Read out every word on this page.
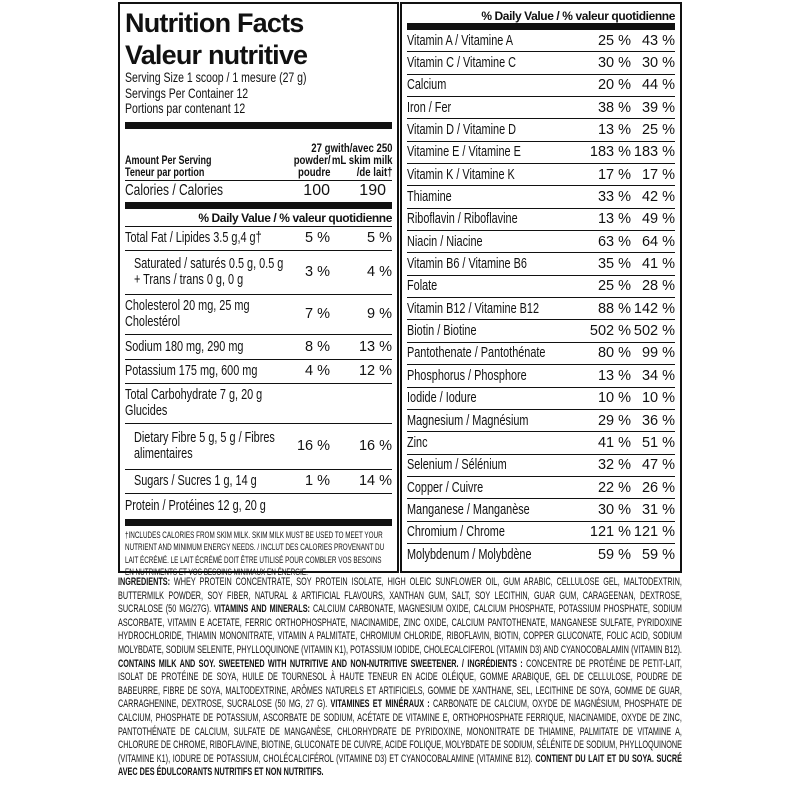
Nutrition Facts
Valeur nutritive
Serving Size 1 scoop / 1 mesure (27 g)
Servings Per Container 12
Portions par contenant 12
Amount Per Serving
Teneur par portion
27 g powder/ poudre
with/avec 250 mL skim milk /de lait†
Calories / Calories	100	190
% Daily Value / % valeur quotidienne
Total Fat / Lipides 3.5 g,4 g†	5 %	5 %
Saturated / saturés 0.5 g, 0.5 g + Trans / trans 0 g, 0 g	3 %	4 %
Cholesterol 20 mg, 25 mg Cholestérol	7 %	9 %
Sodium 180 mg, 290 mg	8 %	13 %
Potassium 175 mg, 600 mg	4 %	12 %
Total Carbohydrate 7 g, 20 g Glucides
Dietary Fibre 5 g, 5 g / Fibres alimentaires	16 %	16 %
Sugars / Sucres 1 g, 14 g	1 %	14 %
Protein / Protéines 12 g, 20 g
†INCLUDES CALORIES FROM SKIM MILK. SKIM MILK MUST BE USED TO MEET YOUR NUTRIENT AND MINIMUM ENERGY NEEDS. / INCLUT DES CALORIES PROVENANT DU LAIT ÉCRÉMÉ. LE LAIT ÉCRÉMÉ DOIT ÊTRE UTILISÉ POUR COMBLER VOS BESOINS EN NUTRIMENTS ET VOS BESOINS MINIMAUX EN ÉNERGIE.
% Daily Value / % valeur quotidienne
Vitamin A / Vitamine A	25 % 43 %
Vitamin C / Vitamine C	30 % 30 %
Calcium	20 % 44 %
Iron / Fer	38 % 39 %
Vitamin D / Vitamine D	13 % 25 %
Vitamine E / Vitamine E	183 % 183 %
Vitamin K / Vitamine K	17 % 17 %
Thiamine	33 % 42 %
Riboflavin / Riboflavine	13 % 49 %
Niacin / Niacine	63 % 64 %
Vitamin B6 / Vitamine B6	35 % 41 %
Folate	25 % 28 %
Vitamin B12 / Vitamine B12	88 % 142 %
Biotin / Biotine	502 % 502 %
Pantothenate / Pantothénate	80 % 99 %
Phosphorus / Phosphore	13 % 34 %
Iodide / Iodure	10 % 10 %
Magnesium / Magnésium	29 % 36 %
Zinc	41 % 51 %
Selenium / Sélénium	32 % 47 %
Copper / Cuivre	22 % 26 %
Manganese / Manganèse	30 % 31 %
Chromium / Chrome	121 % 121 %
Molybdenum / Molybdène	59 % 59 %
INGREDIENTS: WHEY PROTEIN CONCENTRATE, SOY PROTEIN ISOLATE, HIGH OLEIC SUNFLOWER OIL, GUM ARABIC, CELLULOSE GEL, MALTODEXTRIN, BUTTERMILK POWDER, SOY FIBER, NATURAL & ARTIFICIAL FLAVOURS, XANTHAN GUM, SALT, SOY LECITHIN, GUAR GUM, CARAGEENAN, DEXTROSE, SUCRALOSE (50 MG/27G). VITAMINS AND MINERALS: CALCIUM CARBONATE, MAGNESIUM OXIDE, CALCIUM PHOSPHATE, POTASSIUM PHOSPHATE, SODIUM ASCORBATE, VITAMIN E ACETATE, FERRIC ORTHOPHOSPHATE, NIACINAMIDE, ZINC OXIDE, CALCIUM PANTOTHENATE, MANGANESE SULFATE, PYRIDOXINE HYDROCHLORIDE, THIAMIN MONONITRATE, VITAMIN A PALMITATE, CHROMIUM CHLORIDE, RIBOFLAVIN, BIOTIN, COPPER GLUCONATE, FOLIC ACID, SODIUM MOLYBDATE, SODIUM SELENITE, PHYLLOQUINONE (VITAMIN K1), POTASSIUM IODIDE, CHOLECALCIFEROL (VITAMIN D3) AND CYANOCOBALAMIN (VITAMIN B12). CONTAINS MILK AND SOY. SWEETENED WITH NUTRITIVE AND NON-NUTRITIVE SWEETENER. / INGRÉDIENTS : CONCENTRE DE PROTÉINE DE PETIT-LAIT, ISOLAT DE PROTÉINE DE SOYA, HUILE DE TOURNESOL À HAUTE TENEUR EN ACIDE OLÉIQUE, GOMME ARABIQUE, GEL DE CELLULOSE, POUDRE DE BABEURRE, FIBRE DE SOYA, MALTODEXTRINE, ARÔMES NATURELS ET ARTIFICIELS, GOMME DE XANTHANE, SEL, LECITHINE DE SOYA, GOMME DE GUAR, CARRAGHENINE, DEXTROSE, SUCRALOSE (50 MG, 27 G). VITAMINES ET MINÉRAUX : CARBONATE DE CALCIUM, OXYDE DE MAGNÉSIUM, PHOSPHATE DE CALCIUM, PHOSPHATE DE POTASSIUM, ASCORBATE DE SODIUM, ACÉTATE DE VITAMINE E, ORTHOPHOSPHATE FERRIQUE, NIACINAMIDE, OXYDE DE ZINC, PANTOTHÉNATE DE CALCIUM, SULFATE DE MANGANÈSE, CHLORHYDRATE DE PYRIDOXINE, MONONITRATE DE THIAMINE, PALMITATE DE VITAMINE A, CHLORURE DE CHROME, RIBOFLAVINE, BIOTINE, GLUCONATE DE CUIVRE, ACIDE FOLIQUE, MOLYBDATE DE SODIUM, SÉLÉNITE DE SODIUM, PHYLLOQUINONE (VITAMINE K1), IODURE DE POTASSIUM, CHOLÉCALCIFÉROL (VITAMINE D3) ET CYANOCOBALAMINE (VITAMINE B12). CONTIENT DU LAIT ET DU SOYA. SUCRÉ AVEC DES ÉDULCORANTS NUTRITIFS ET NON NUTRITIFS.
